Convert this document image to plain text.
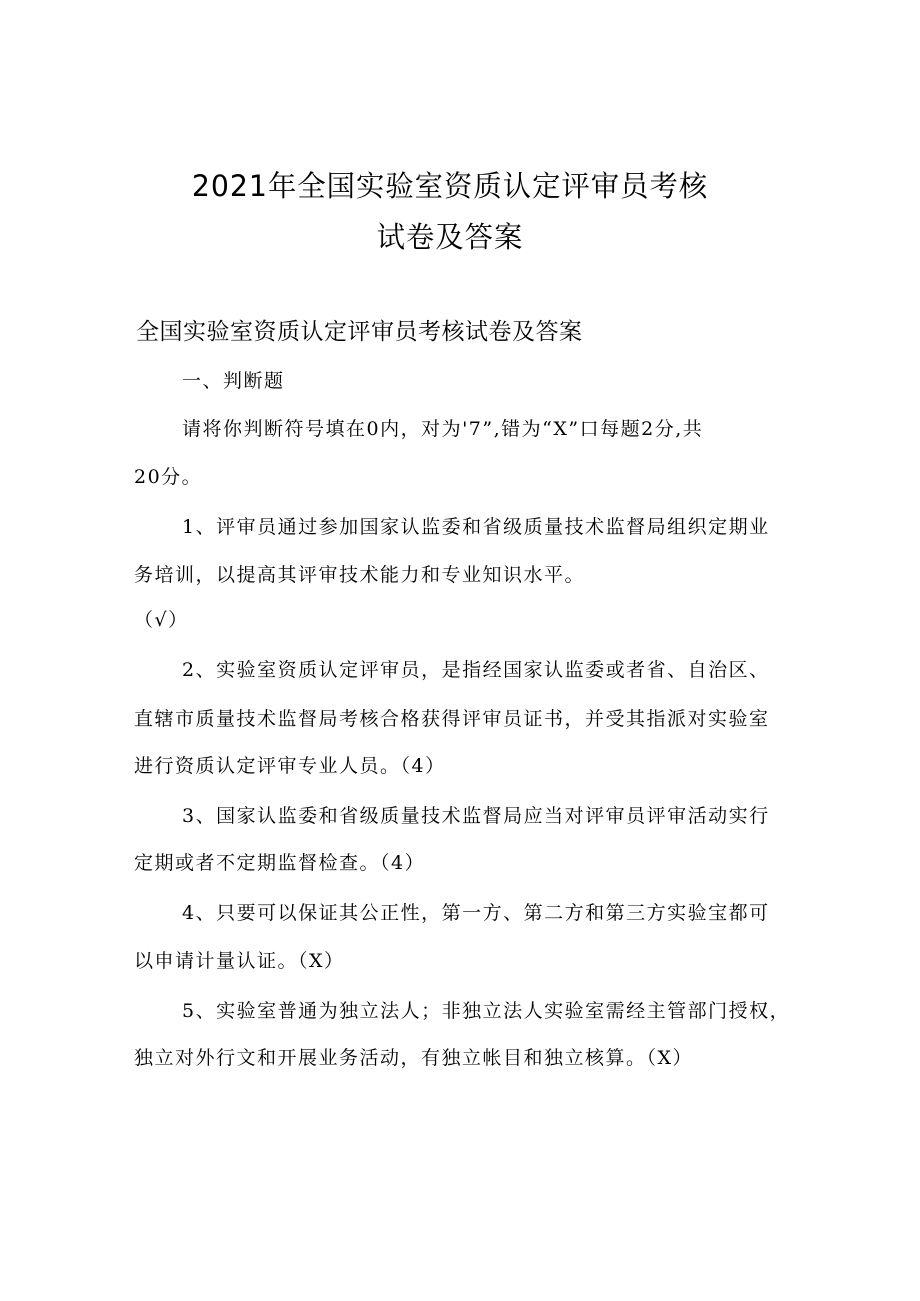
2021年全国实验室资质认定评审员考核
试卷及答案
全国实验室资质认定评审员考核试卷及答案
一、判断题
请将你判断符号填在0内，对为'7”,错为“X”口每题2分,共
20分。
1、评审员通过参加国家认监委和省级质量技术监督局组织定期业
务培训，以提高其评审技术能力和专业知识水平。
（√）
2、实验室资质认定评审员，是指经国家认监委或者省、自治区、
直辖市质量技术监督局考核合格获得评审员证书，并受其指派对实验室
进行资质认定评审专业人员。（4）
3、国家认监委和省级质量技术监督局应当对评审员评审活动实行
定期或者不定期监督检查。（4）
4、只要可以保证其公正性，第一方、第二方和第三方实验宝都可
以申请计量认证。（X）
5、实验室普通为独立法人；非独立法人实验室需经主管部门授权，
独立对外行文和开展业务活动，有独立帐目和独立核算。（X）
